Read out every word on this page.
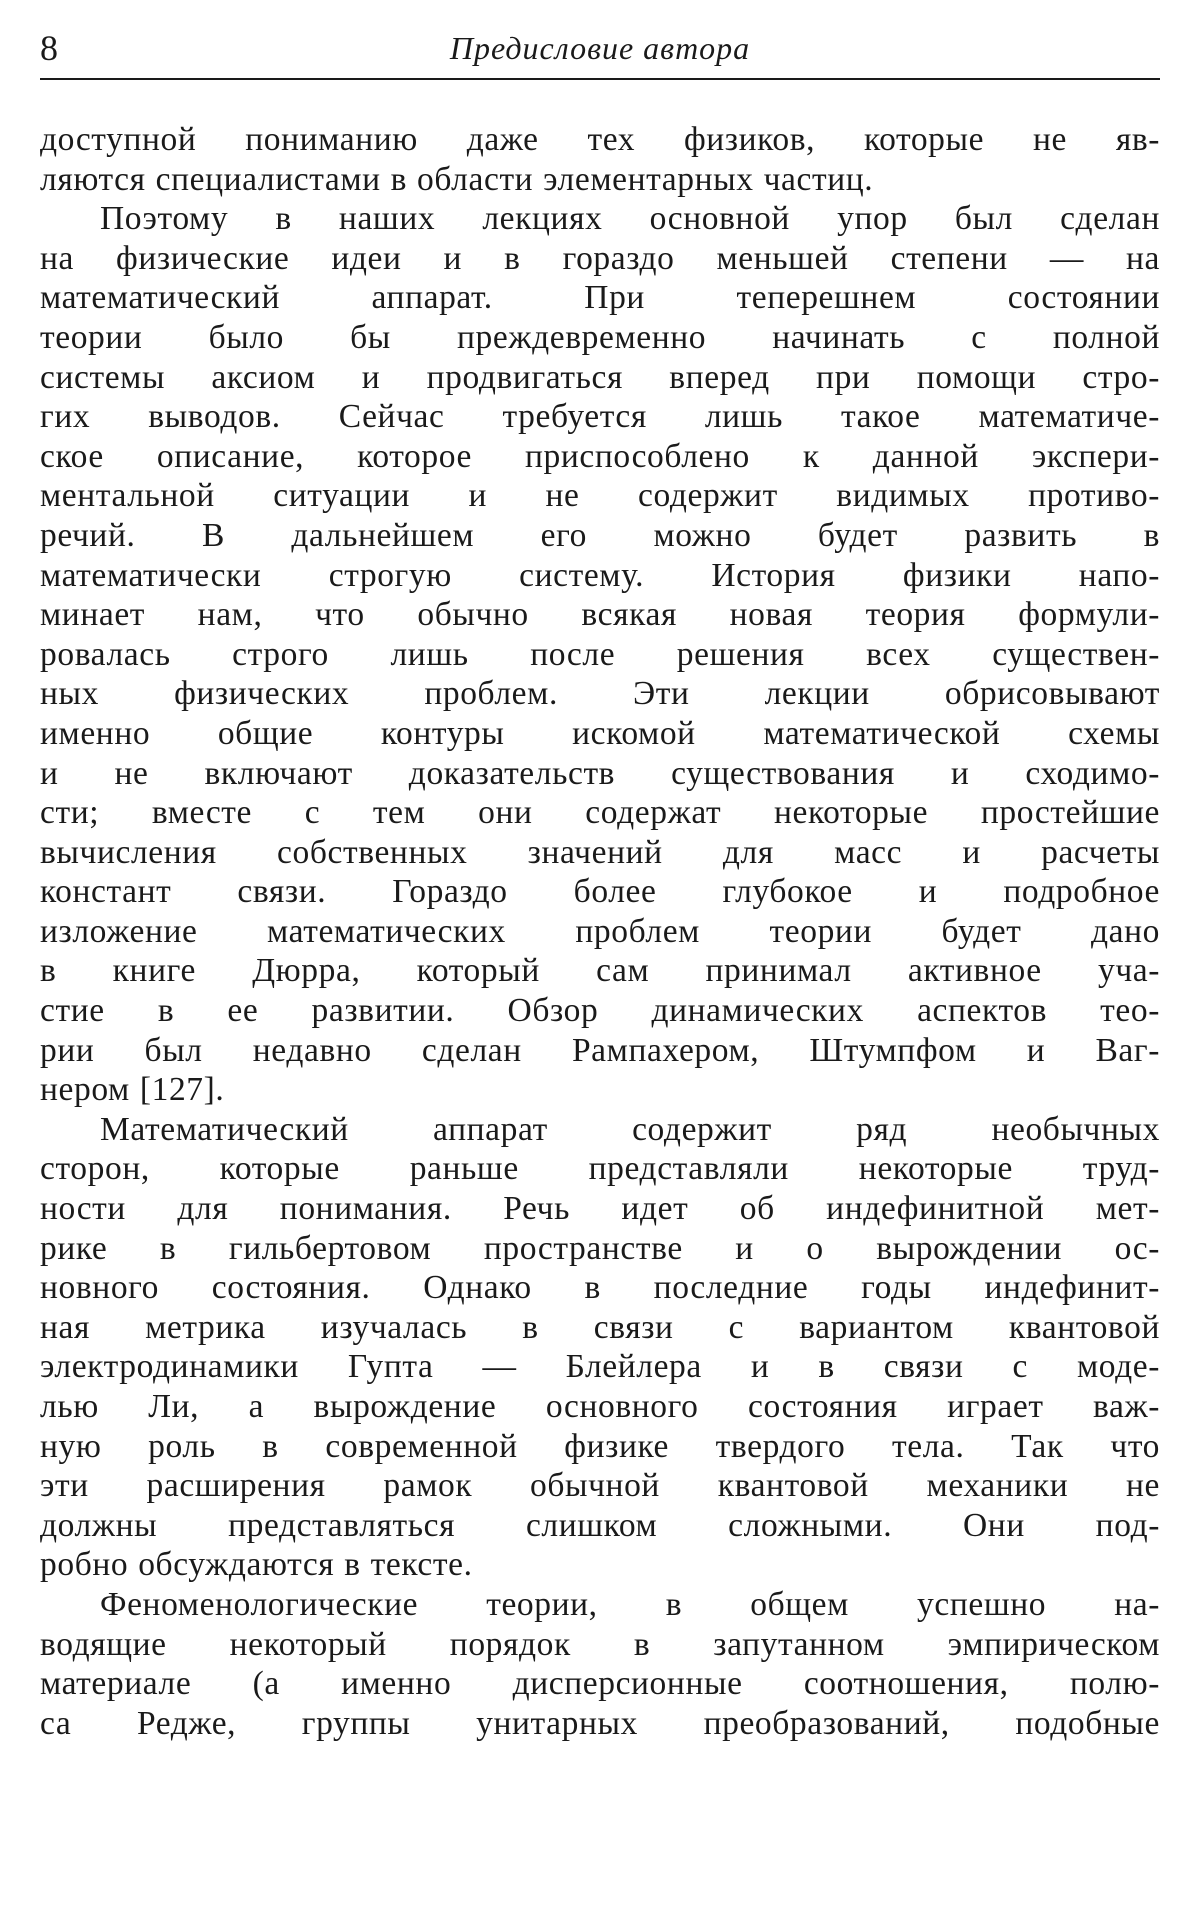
8	Предисловие автора
доступной пониманию даже тех физиков, которые не яв-
ляются специалистами в области элементарных частиц.
Поэтому в наших лекциях основной упор был сделан
на физические идеи и в гораздо меньшей степени — на
математический аппарат. При теперешнем состоянии
теории было бы преждевременно начинать с полной
системы аксиом и продвигаться вперед при помощи стро-
гих выводов. Сейчас требуется лишь такое математиче-
ское описание, которое приспособлено к данной экспери-
ментальной ситуации и не содержит видимых противо-
речий. В дальнейшем его можно будет развить в
математически строгую систему. История физики напо-
минает нам, что обычно всякая новая теория формули-
ровалась строго лишь после решения всех существен-
ных физических проблем. Эти лекции обрисовывают
именно общие контуры искомой математической схемы
и не включают доказательств существования и сходимо-
сти; вместе с тем они содержат некоторые простейшие
вычисления собственных значений для масс и расчеты
констант связи. Гораздо более глубокое и подробное
изложение математических проблем теории будет дано
в книге Дюрра, который сам принимал активное уча-
стие в ее развитии. Обзор динамических аспектов тео-
рии был недавно сделан Рампахером, Штумпфом и Ваг-
нером [127].
Математический аппарат содержит ряд необычных
сторон, которые раньше представляли некоторые труд-
ности для понимания. Речь идет об индефинитной мет-
рике в гильбертовом пространстве и о вырождении ос-
новного состояния. Однако в последние годы индефинит-
ная метрика изучалась в связи с вариантом квантовой
электродинамики Гупта — Блейлера и в связи с моде-
лью Ли, а вырождение основного состояния играет важ-
ную роль в современной физике твердого тела. Так что
эти расширения рамок обычной квантовой механики не
должны представляться слишком сложными. Они под-
робно обсуждаются в тексте.
Феноменологические теории, в общем успешно на-
водящие некоторый порядок в запутанном эмпирическом
материале (а именно дисперсионные соотношения, полю-
са Редже, группы унитарных преобразований, подобные
